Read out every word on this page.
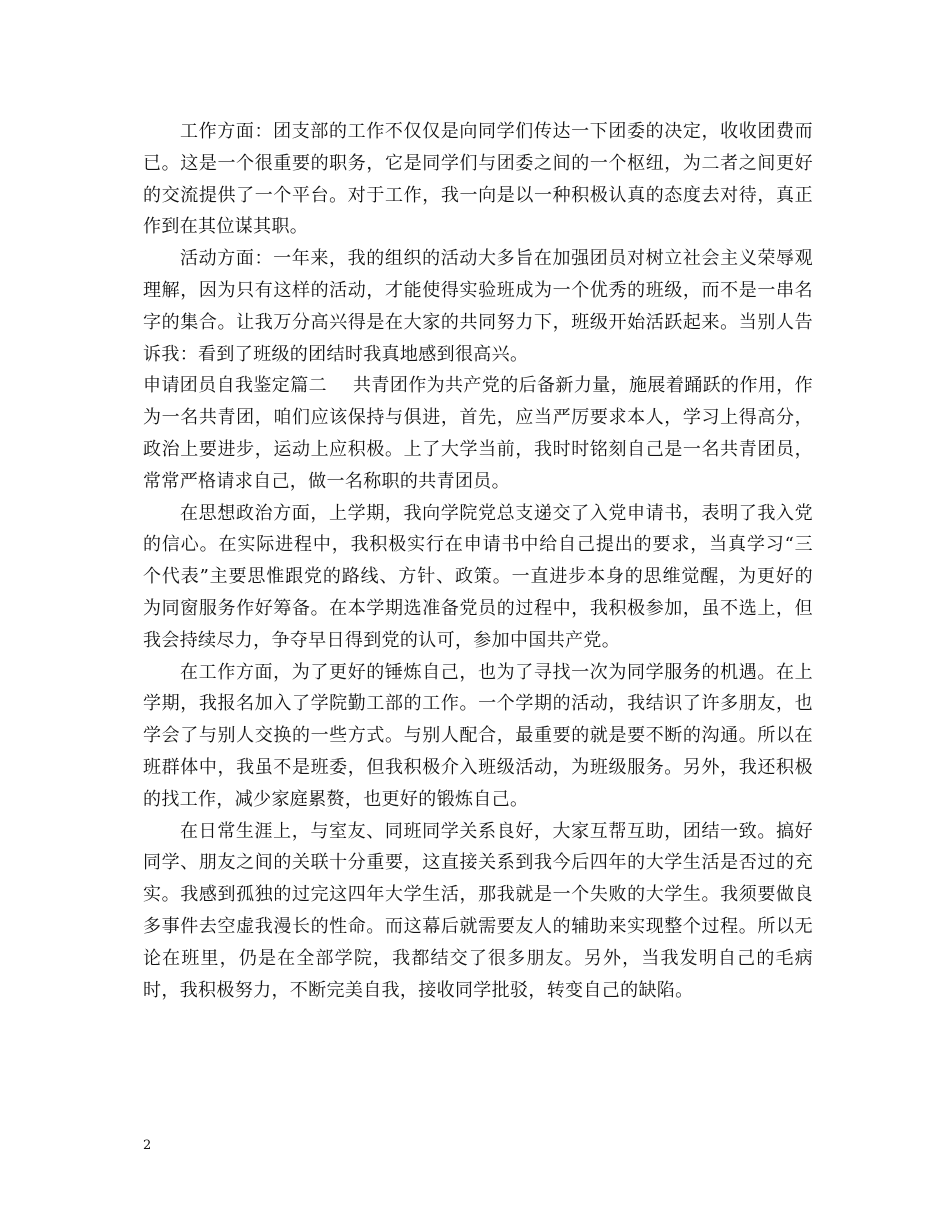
工作方面：团支部的工作不仅仅是向同学们传达一下团委的决定，收收团费而已。这是一个很重要的职务，它是同学们与团委之间的一个枢纽，为二者之间更好的交流提供了一个平台。对于工作，我一向是以一种积极认真的态度去对待，真正作到在其位谋其职。

活动方面：一年来，我的组织的活动大多旨在加强团员对树立社会主义荣辱观理解，因为只有这样的活动，才能使得实验班成为一个优秀的班级，而不是一串名字的集合。让我万分高兴得是在大家的共同努力下，班级开始活跃起来。当别人告诉我：看到了班级的团结时我真地感到很高兴。

申请团员自我鉴定篇二 共青团作为共产党的后备新力量，施展着踊跃的作用，作为一名共青团，咱们应该保持与俱进，首先，应当严厉要求本人，学习上得高分，政治上要进步，运动上应积极。上了大学当前，我时时铭刻自己是一名共青团员，常常严格请求自己，做一名称职的共青团员。

在思想政治方面，上学期，我向学院党总支递交了入党申请书，表明了我入党的信心。在实际进程中，我积极实行在申请书中给自己提出的要求，当真学习“三个代表”主要思惟跟党的路线、方针、政策。一直进步本身的思维觉醒，为更好的为同窗服务作好筹备。在本学期选准备党员的过程中，我积极参加，虽不选上，但我会持续尽力，争夺早日得到党的认可，参加中国共产党。

在工作方面，为了更好的锤炼自己，也为了寻找一次为同学服务的机遇。在上学期，我报名加入了学院勤工部的工作。一个学期的活动，我结识了许多朋友，也学会了与别人交换的一些方式。与别人配合，最重要的就是要不断的沟通。所以在班群体中，我虽不是班委，但我积极介入班级活动，为班级服务。另外，我还积极的找工作，减少家庭累赘，也更好的锻炼自己。

在日常生涯上，与室友、同班同学关系良好，大家互帮互助，团结一致。搞好同学、朋友之间的关联十分重要，这直接关系到我今后四年的大学生活是否过的充实。我感到孤独的过完这四年大学生活，那我就是一个失败的大学生。我须要做良多事件去空虚我漫长的性命。而这幕后就需要友人的辅助来实现整个过程。所以无论在班里，仍是在全部学院，我都结交了很多朋友。另外，当我发明自己的毛病时，我积极努力，不断完美自我，接收同学批驳，转变自己的缺陷。

2
